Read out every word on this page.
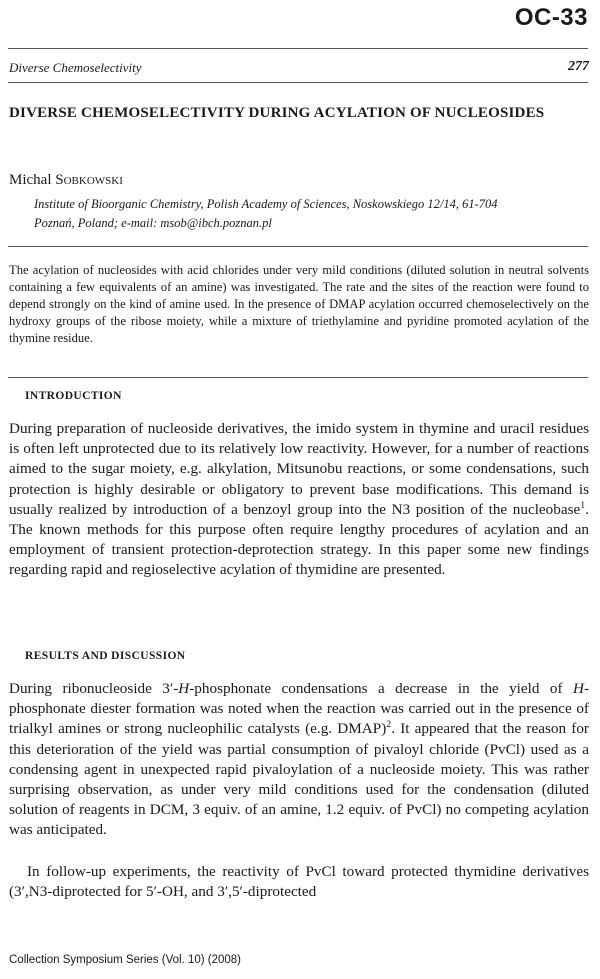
OC-33
Diverse Chemoselectivity	277
DIVERSE CHEMOSELECTIVITY DURING ACYLATION OF NUCLEOSIDES
Michal Sobkowski
Institute of Bioorganic Chemistry, Polish Academy of Sciences, Noskowskiego 12/14, 61-704 Poznań, Poland; e-mail: msob@ibch.poznan.pl
The acylation of nucleosides with acid chlorides under very mild conditions (diluted solution in neutral solvents containing a few equivalents of an amine) was investigated. The rate and the sites of the reaction were found to depend strongly on the kind of amine used. In the presence of DMAP acylation occurred chemoselectively on the hydroxy groups of the ribose moiety, while a mixture of triethylamine and pyridine promoted acylation of the thymine residue.
INTRODUCTION
During preparation of nucleoside derivatives, the imido system in thymine and uracil residues is often left unprotected due to its relatively low reactivity. However, for a number of reactions aimed to the sugar moiety, e.g. alkylation, Mitsunobu reactions, or some condensations, such protection is highly desirable or obligatory to prevent base modifications. This demand is usually realized by introduction of a benzoyl group into the N3 position of the nucleobase$^1$. The known methods for this purpose often require lengthy procedures of acylation and an employment of transient protection-deprotection strategy. In this paper some new findings regarding rapid and regioselective acylation of thymidine are presented.
RESULTS AND DISCUSSION
During ribonucleoside 3′-H-phosphonate condensations a decrease in the yield of H-phosphonate diester formation was noted when the reaction was carried out in the presence of trialkyl amines or strong nucleophilic catalysts (e.g. DMAP)$^2$. It appeared that the reason for this deterioration of the yield was partial consumption of pivaloyl chloride (PvCl) used as a condensing agent in unexpected rapid pivaloylation of a nucleoside moiety. This was rather surprising observation, as under very mild conditions used for the condensation (diluted solution of reagents in DCM, 3 equiv. of an amine, 1.2 equiv. of PvCl) no competing acylation was anticipated.
In follow-up experiments, the reactivity of PvCl toward protected thymidine derivatives (3′,N3-diprotected for 5′-OH, and 3′,5′-diprotected
Collection Symposium Series (Vol. 10) (2008)
